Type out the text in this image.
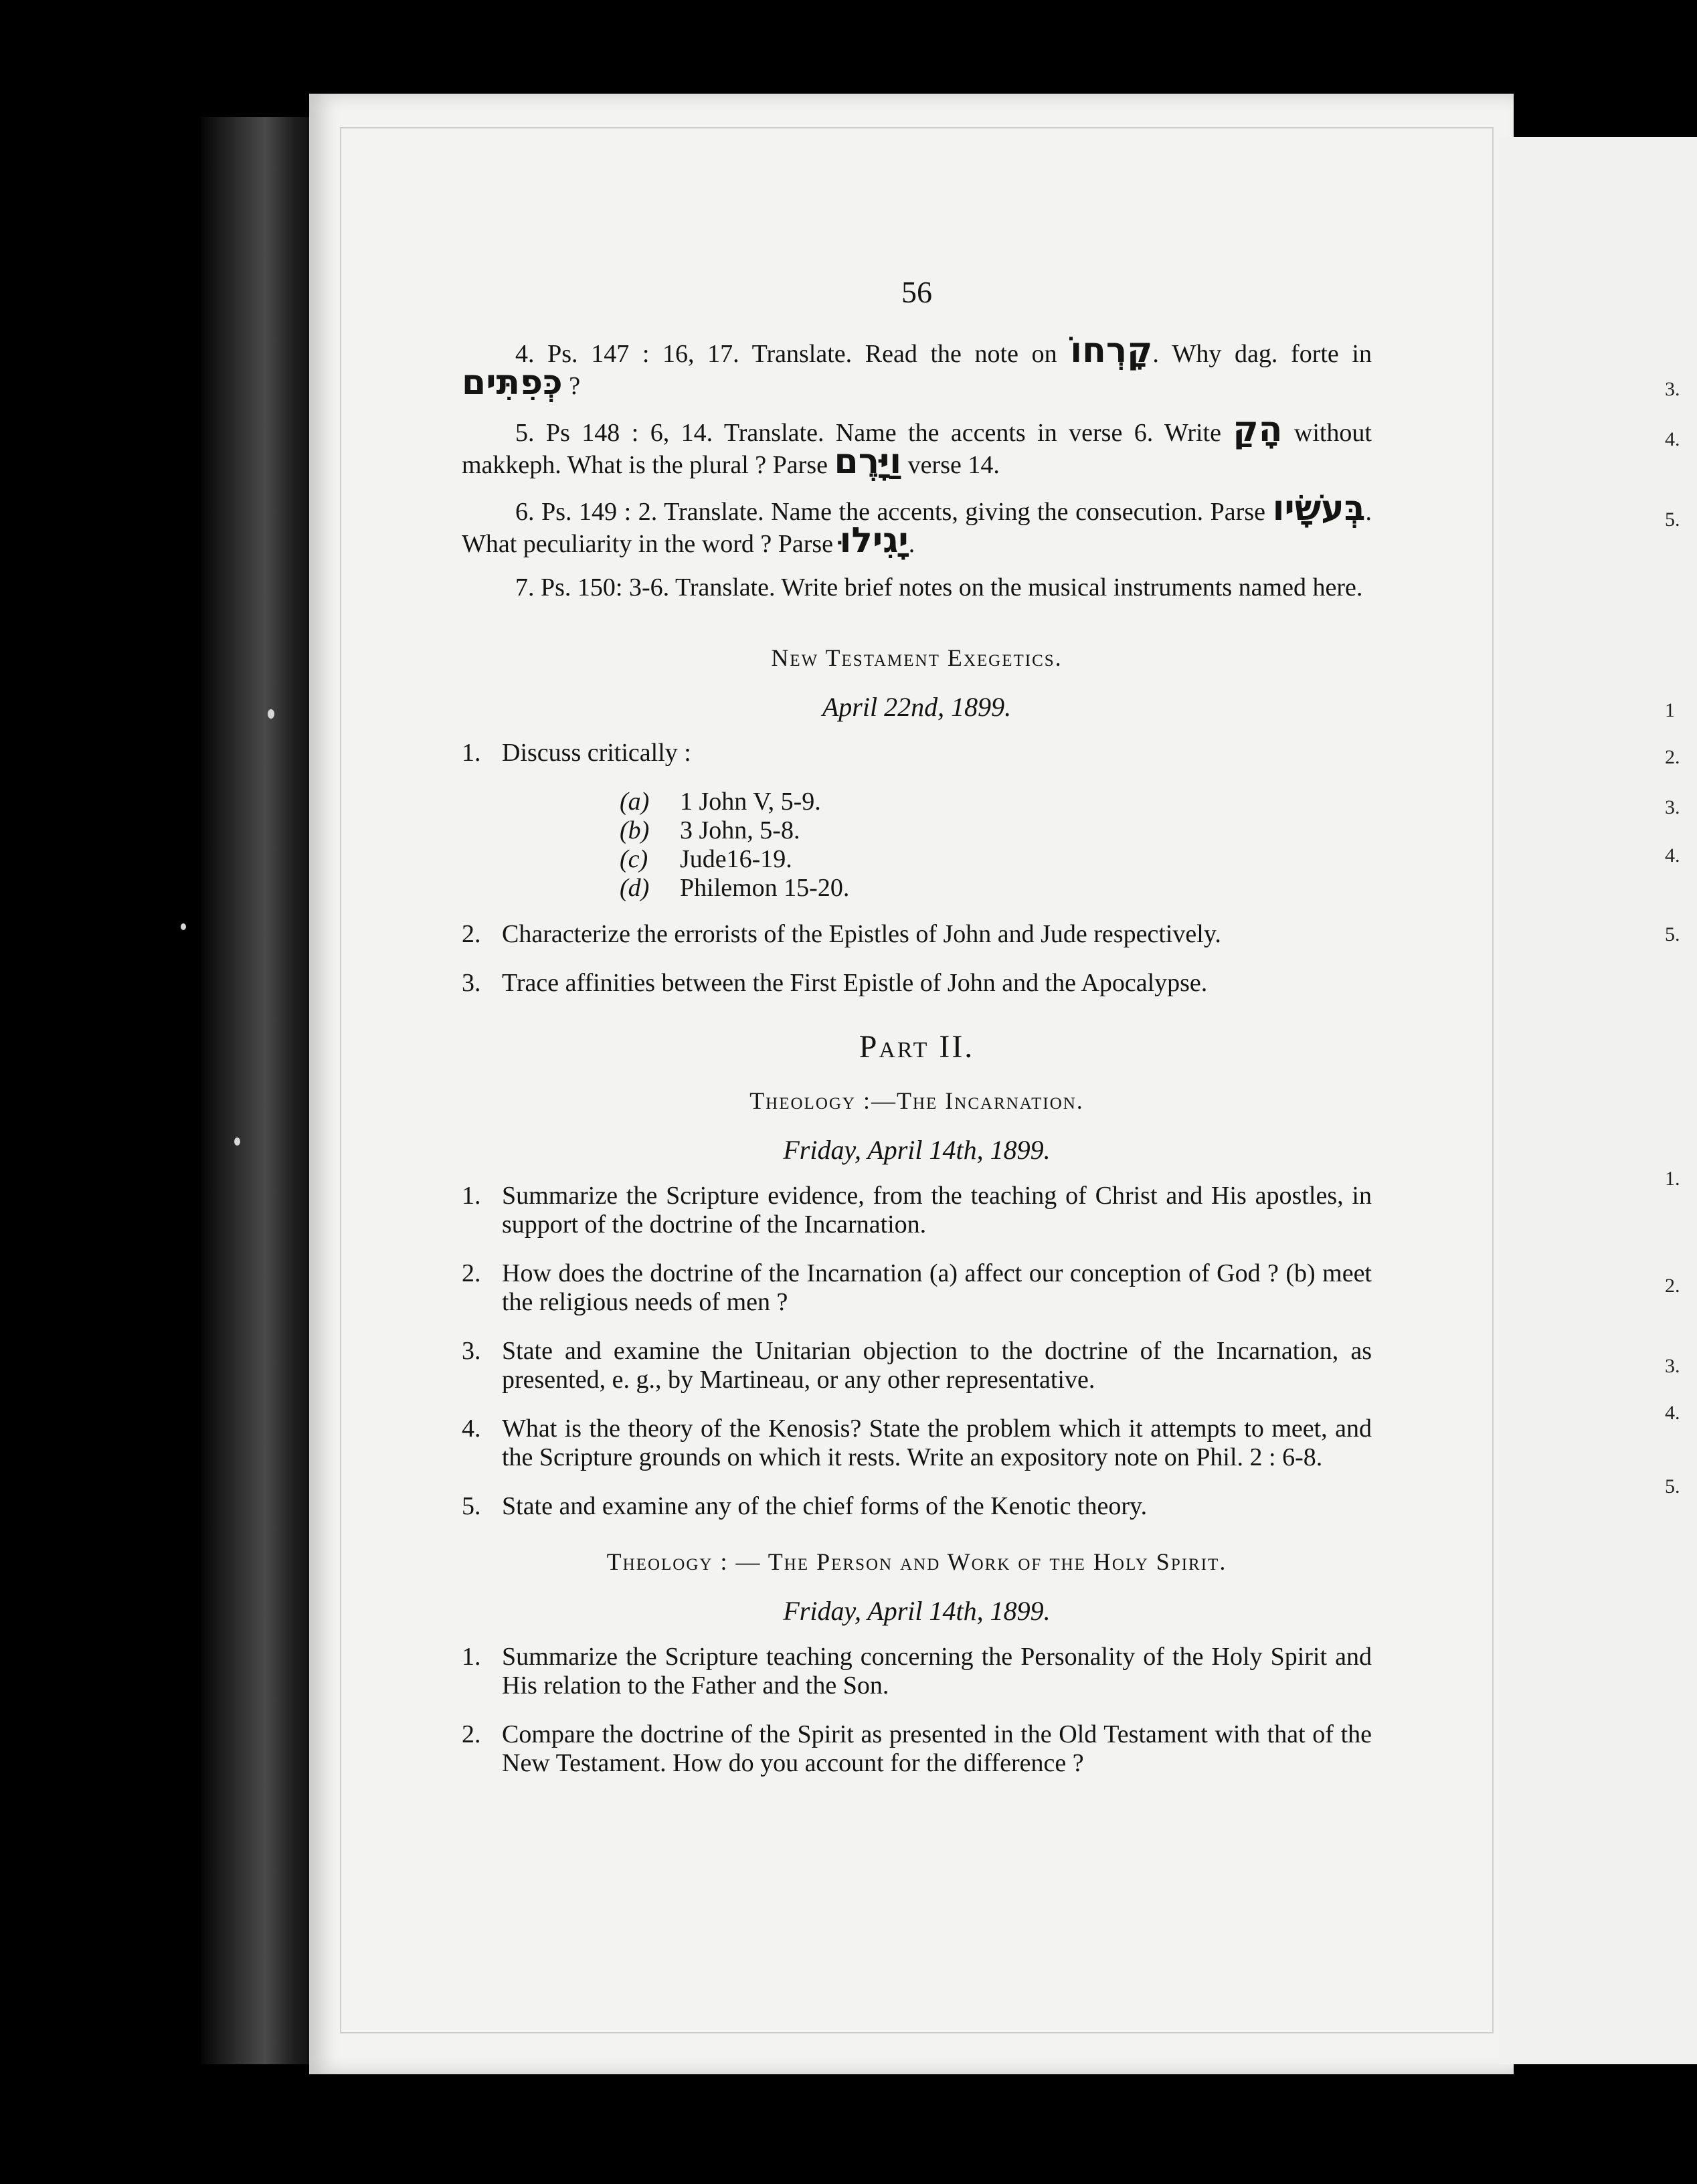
3.
4.
5.
1
2.
3.
4.
5.
1.
2.
3.
4.
5.
56

4. Ps. 147 : 16, 17. Translate. Read the note on קָרְחוֹ. Why dag. forte in כְּפִתִּים ?

5. Ps 148 : 6, 14. Translate. Name the accents in verse 6. Write הָקַ without makkeph. What is the plural ? Parse וַיָּרֶם verse 14.

6. Ps. 149 : 2. Translate. Name the accents, giving the consecution. Parse בְּעֹשָׂיו. What peculiarity in the word ? Parse יָגִילוּ.

7. Ps. 150: 3-6. Translate. Write brief notes on the musical instruments named here.

New Testament Exegetics.
April 22nd, 1899.
1. Discuss critically :
(a)	1 John V, 5-9.
(b)	3 John, 5-8.
(c)	Jude16-19.
(d)	Philemon 15-20.
2. Characterize the errorists of the Epistles of John and Jude respectively.
3. Trace affinities between the First Epistle of John and the Apocalypse.
Part II.
Theology :—The Incarnation.
Friday, April 14th, 1899.
1. Summarize the Scripture evidence, from the teaching of Christ and His apostles, in support of the doctrine of the Incarnation.
2. How does the doctrine of the Incarnation (a) affect our conception of God ? (b) meet the religious needs of men ?
3. State and examine the Unitarian objection to the doctrine of the Incarnation, as presented, e. g., by Martineau, or any other representative.
4. What is the theory of the Kenosis? State the problem which it attempts to meet, and the Scripture grounds on which it rests. Write an expository note on Phil. 2 : 6-8.
5. State and examine any of the chief forms of the Kenotic theory.
Theology : — The Person and Work of the Holy Spirit.
Friday, April 14th, 1899.
1. Summarize the Scripture teaching concerning the Personality of the Holy Spirit and His relation to the Father and the Son.
2. Compare the doctrine of the Spirit as presented in the Old Testament with that of the New Testament. How do you account for the difference ?
